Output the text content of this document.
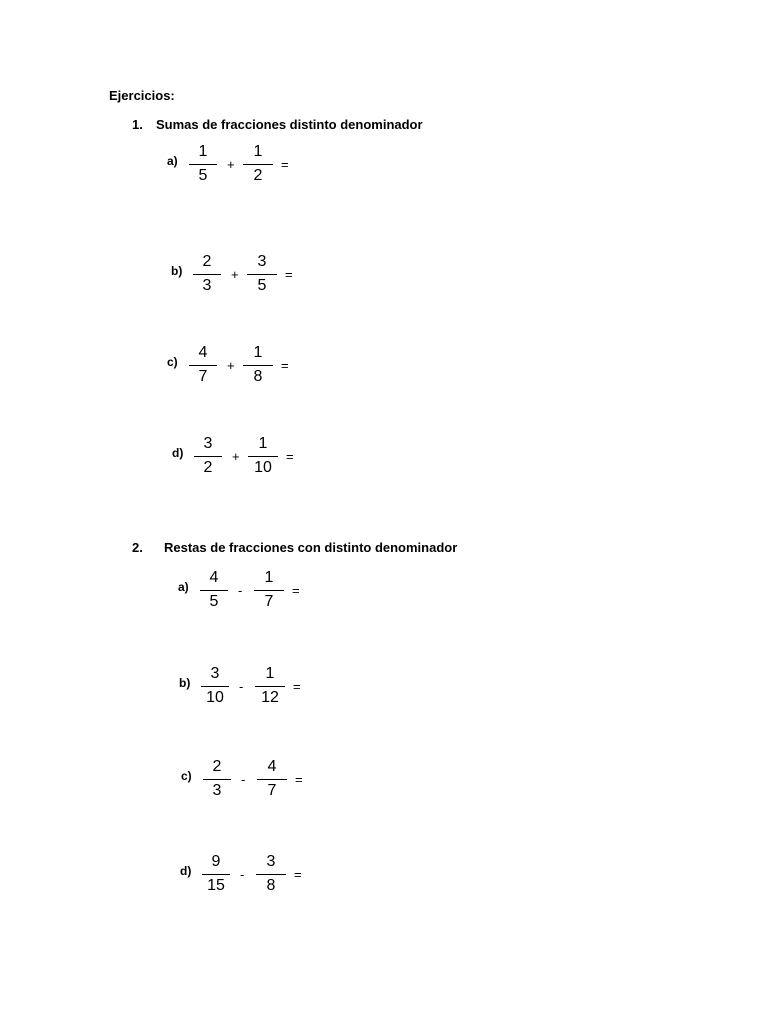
Ejercicios:
1. Sumas de fracciones distinto denominador
2. Restas de fracciones con distinto denominador
a)
1
5
+
1
2
=
b)
2
3
+
3
5
=
c)
4
7
+
1
8
=
d)
3
2
+
1
10
=
a)
4
5
-
1
7
=
b)
3
10
-
1
12
=
c)
2
3
-
4
7
=
d)
9
15
-
3
8
=
